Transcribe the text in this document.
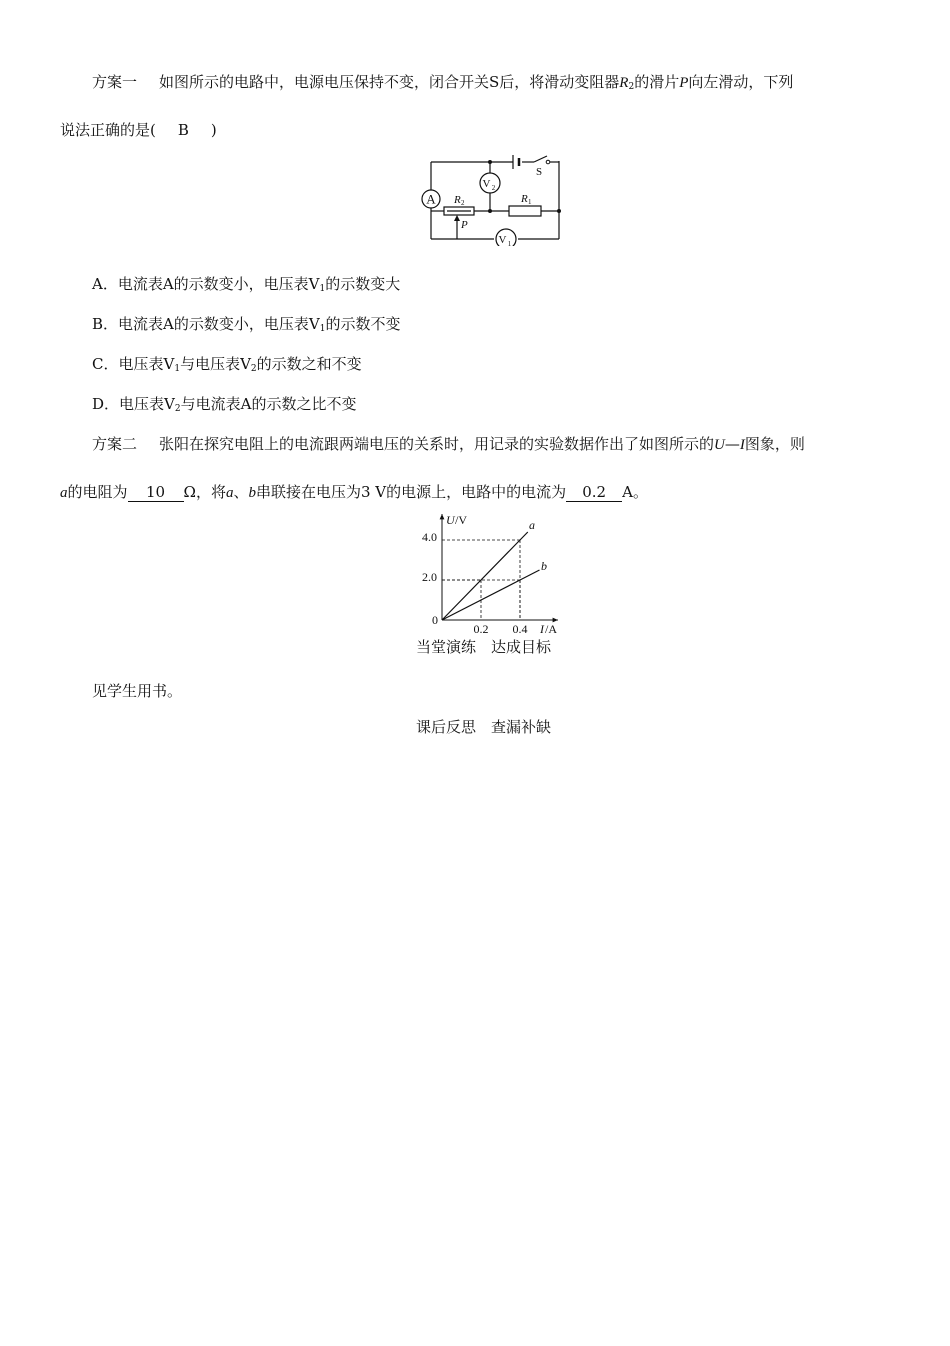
方案一 如图所示的电路中，电源电压保持不变，闭合开关S后，将滑动变阻器$R_2$的滑片P向左滑动，下列
说法正确的是( B )
A
V 2
V 1
R 2	R 1
P
S
A．电流表A的示数变小，电压表$V_1$的示数变大
B．电流表A的示数变小，电压表$V_1$的示数不变
C．电压表$V_1$与电压表$V_2$的示数之和不变
D．电压表$V_2$与电流表A的示数之比不变
方案二 张阳在探究电阻上的电流跟两端电压的关系时，用记录的实验数据作出了如图所示的U—I图象，则
a的电阻为 10 Ω，将a、b串联接在电压为3 V的电源上，电路中的电流为 0.2 A。
U /V
I /A
0
4.0
2.0
0.2 0.4
a
b
当堂演练　达成目标
见学生用书。
课后反思　查漏补缺
